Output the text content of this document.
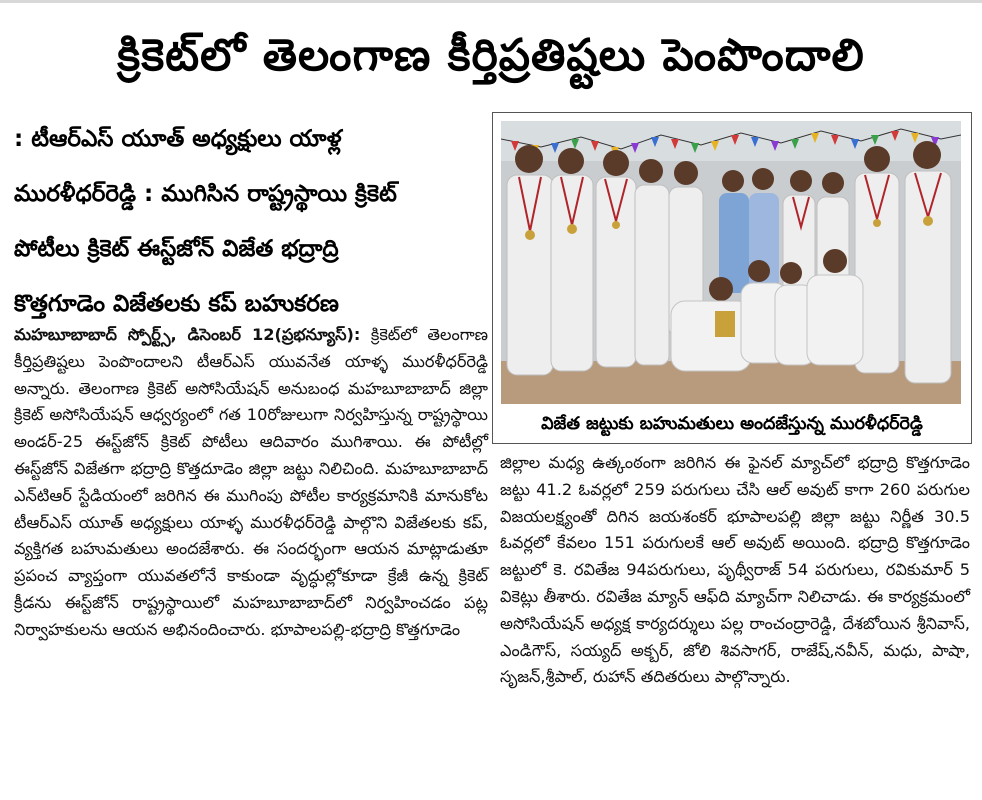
క్రికెట్‌లో తెలంగాణ కీర్తిప్రతిష్టలు పెంపొందాలి
: టీఆర్ఎస్ యూత్ అధ్యక్షులు యాళ్ల
మురళీధర్‌రెడ్డి : ముగిసిన రాష్ట్రస్థాయి క్రికెట్
పోటీలు క్రికెట్ ఈస్ట్‌జోన్ విజేత భద్రాద్రి
కొత్తగూడెం విజేతలకు కప్ బహుకరణ
మహబూబాబాద్ స్పోర్ట్స్, డిసెంబర్ 12(ప్రభన్యూస్): క్రికెట్‌లో తెలంగాణ కీర్తిప్రతిష్టలు పెంపొందాలని టీఆర్ఎస్ యువనేత యాళ్ళ మురళీధర్‌రెడ్డి అన్నారు. తెలంగాణ క్రికెట్ అసోసియేషన్ అనుబంధ మహబూబాబాద్ జిల్లా క్రికెట్ అసోసియేషన్ ఆధ్వర్యంలో గత 10రోజులుగా నిర్వహిస్తున్న రాష్ట్రస్థాయి అండర్-25 ఈస్ట్‌జోన్ క్రికెట్ పోటీలు ఆదివారం ముగిశాయి. ఈ పోటీల్లో ఈస్ట్‌జోన్ విజేతగా భద్రాద్రి కొత్తదూడెం జిల్లా జట్టు నిలిచింది. మహబూబాబాద్ ఎన్‌టిఆర్ స్టేడియంలో జరిగిన ఈ ముగింపు పోటీల కార్యక్రమానికి మానుకోట టీఆర్ఎస్ యూత్ అధ్యక్షులు యాళ్ళ మురళీధర్‌రెడ్డి పాల్గొని విజేతలకు కప్, వ్యక్తిగత బహుమతులు అందజేశారు. ఈ సందర్భంగా ఆయన మాట్లాడుతూ ప్రపంచ వ్యాప్తంగా యువతలోనే కాకుండా వృద్ధుల్లోకూడా క్రేజీ ఉన్న క్రికెట్ క్రీడను ఈస్ట్‌జోన్ రాష్ట్రస్థాయిలో మహబూబాబాద్‌లో నిర్వహించడం పట్ల నిర్వాహకులను ఆయన అభినందించారు. భూపాలపల్లి-భద్రాద్రి కొత్తగూడెం
విజేత జట్టుకు బహుమతులు అందజేస్తున్న మురళీధర్‌రెడ్డి
జిల్లాల మధ్య ఉత్కంఠంగా జరిగిన ఈ ఫైనల్ మ్యాచ్‌లో భద్రాద్రి కొత్తగూడెం జట్టు 41.2 ఓవర్లలో 259 పరుగులు చేసి ఆల్ అవుట్ కాగా 260 పరుగుల విజయలక్ష్యంతో దిగిన జయశంకర్ భూపాలపల్లి జిల్లా జట్టు నిర్ణీత 30.5 ఓవర్లలో కేవలం 151 పరుగులకే ఆల్ అవుట్ అయింది. భద్రాద్రి కొత్తగూడెం జట్టులో కె. రవితేజ 94పరుగులు, పృథ్వీరాజ్ 54 పరుగులు, రవికుమార్ 5 వికెట్లు తీశారు. రవితేజ మ్యాన్ ఆఫ్‌ది మ్యాచ్‌గా నిలిచాడు. ఈ కార్యక్రమంలో అసోసియేషన్ అధ్యక్ష కార్యదర్శులు పల్ల రాంచంద్రారెడ్డి, దేశబోయిన శ్రీనివాస్, ఎండిగౌస్, సయ్యద్ అక్బర్, జోలి శివసాగర్, రాజేష్,నవీన్, మధు, పాషా, సృజన్,శ్రీపాల్, రుహాన్ తదితరులు పాల్గొన్నారు.
